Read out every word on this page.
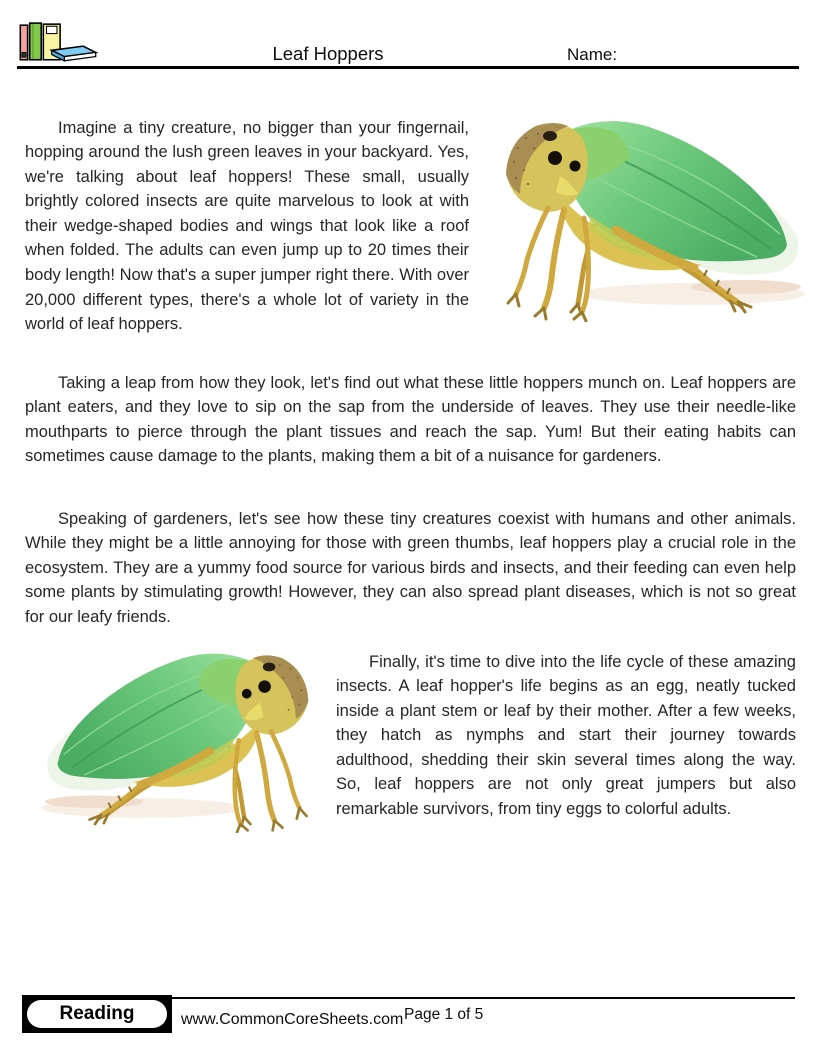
Leaf Hoppers	Name:

Imagine a tiny creature, no bigger than your fingernail, hopping around the lush green leaves in your backyard. Yes, we're talking about leaf hoppers! These small, usually brightly colored insects are quite marvelous to look at with their wedge-shaped bodies and wings that look like a roof when folded. The adults can even jump up to 20 times their body length! Now that's a super jumper right there. With over 20,000 different types, there's a whole lot of variety in the world of leaf hoppers.

Taking a leap from how they look, let's find out what these little hoppers munch on. Leaf hoppers are plant eaters, and they love to sip on the sap from the underside of leaves. They use their needle-like mouthparts to pierce through the plant tissues and reach the sap. Yum! But their eating habits can sometimes cause damage to the plants, making them a bit of a nuisance for gardeners.

Speaking of gardeners, let's see how these tiny creatures coexist with humans and other animals. While they might be a little annoying for those with green thumbs, leaf hoppers play a crucial role in the ecosystem. They are a yummy food source for various birds and insects, and their feeding can even help some plants by stimulating growth! However, they can also spread plant diseases, which is not so great for our leafy friends.

Finally, it's time to dive into the life cycle of these amazing insects. A leaf hopper's life begins as an egg, neatly tucked inside a plant stem or leaf by their mother. After a few weeks, they hatch as nymphs and start their journey towards adulthood, shedding their skin several times along the way. So, leaf hoppers are not only great jumpers but also remarkable survivors, from tiny eggs to colorful adults.

Reading	www.CommonCoreSheets.com Page 1 of 5
